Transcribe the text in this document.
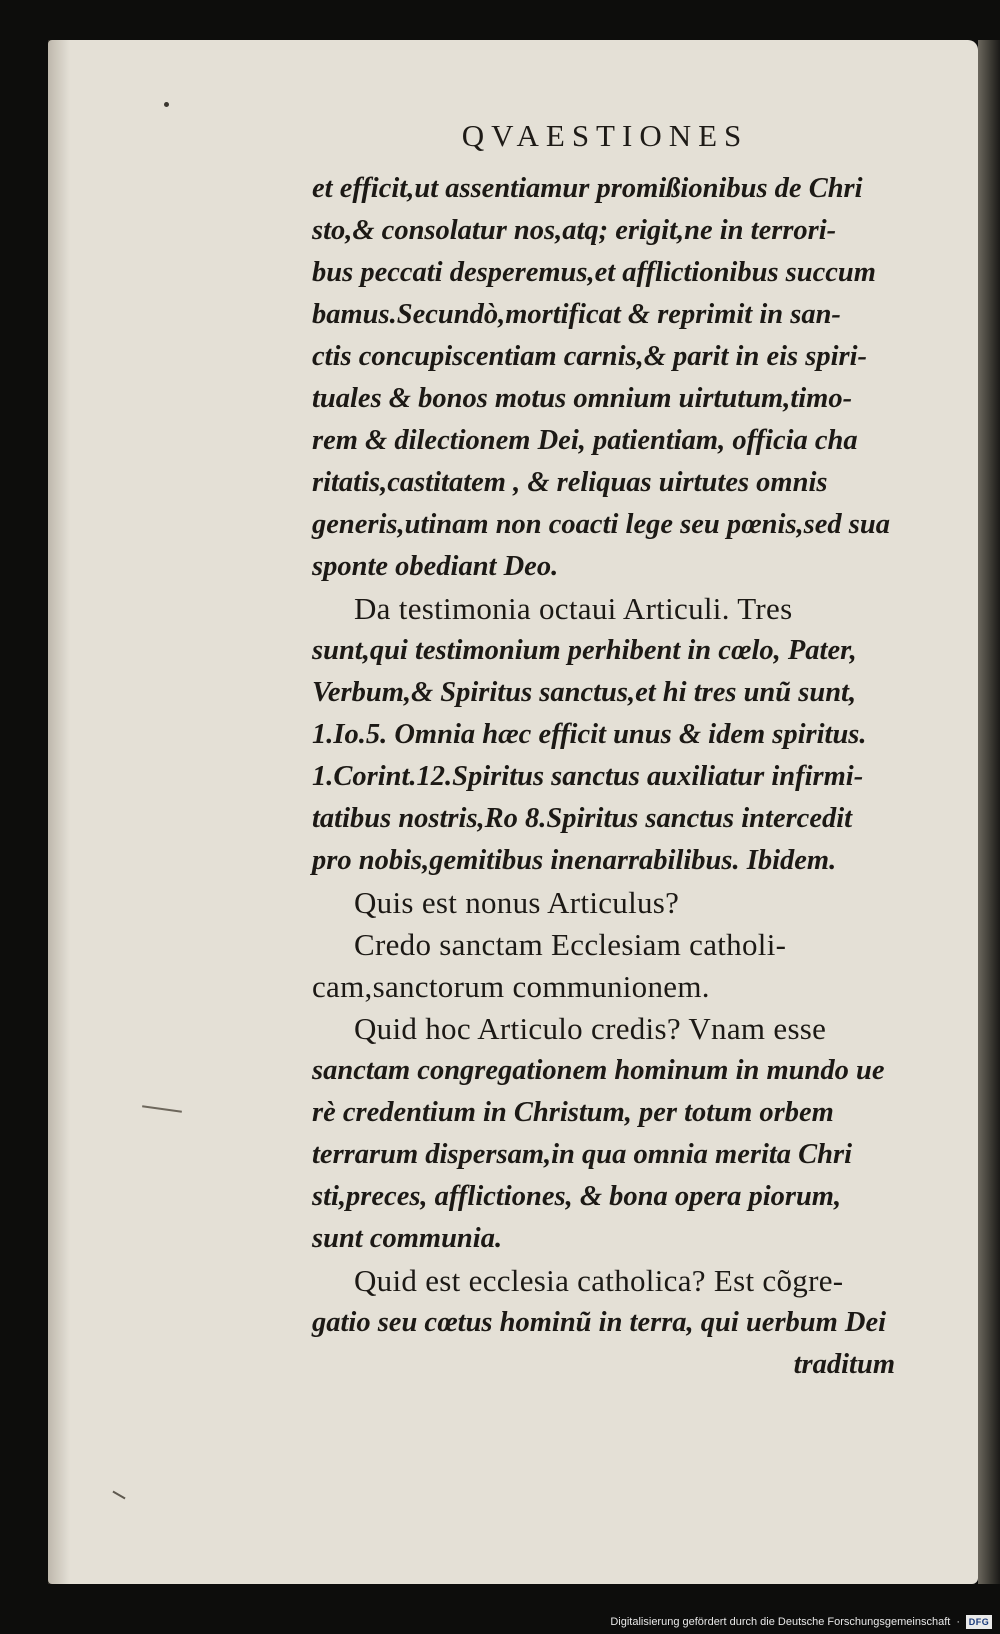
QVAESTIONES
et efficit,ut assentiamur promißionibus de Chri
sto,& consolatur nos,atq; erigit,ne in terrori-
bus peccati desperemus,et afflictionibus succum
bamus.Secundò,mortificat & reprimit in san-
ctis concupiscentiam carnis,& parit in eis spiri-
tuales & bonos motus omnium uirtutum,timo-
rem & dilectionem Dei, patientiam, officia cha
ritatis,castitatem , & reliquas uirtutes omnis
generis,utinam non coacti lege seu pœnis,sed sua
sponte obediant Deo.
Da testimonia octaui Articuli. Tres
sunt,qui testimonium perhibent in cœlo, Pater,
Verbum,& Spiritus sanctus,et hi tres unũ sunt,
1.Io.5. Omnia hæc efficit unus & idem spiritus.
1.Corint.12.Spiritus sanctus auxiliatur infirmi-
tatibus nostris,Ro 8.Spiritus sanctus intercedit
pro nobis,gemitibus inenarrabilibus. Ibidem.
Quis est nonus Articulus?
Credo sanctam Ecclesiam catholi-
cam,sanctorum communionem.
Quid hoc Articulo credis? Vnam esse
sanctam congregationem hominum in mundo ue
rè credentium in Christum, per totum orbem
terrarum dispersam,in qua omnia merita Chri
sti,preces, afflictiones, & bona opera piorum,
sunt communia.
Quid est ecclesia catholica? Est cõgre-
gatio seu cœtus hominũ in terra, qui uerbum Dei
traditum
Digitalisierung gefördert durch die Deutsche Forschungsgemeinschaft · DFG
